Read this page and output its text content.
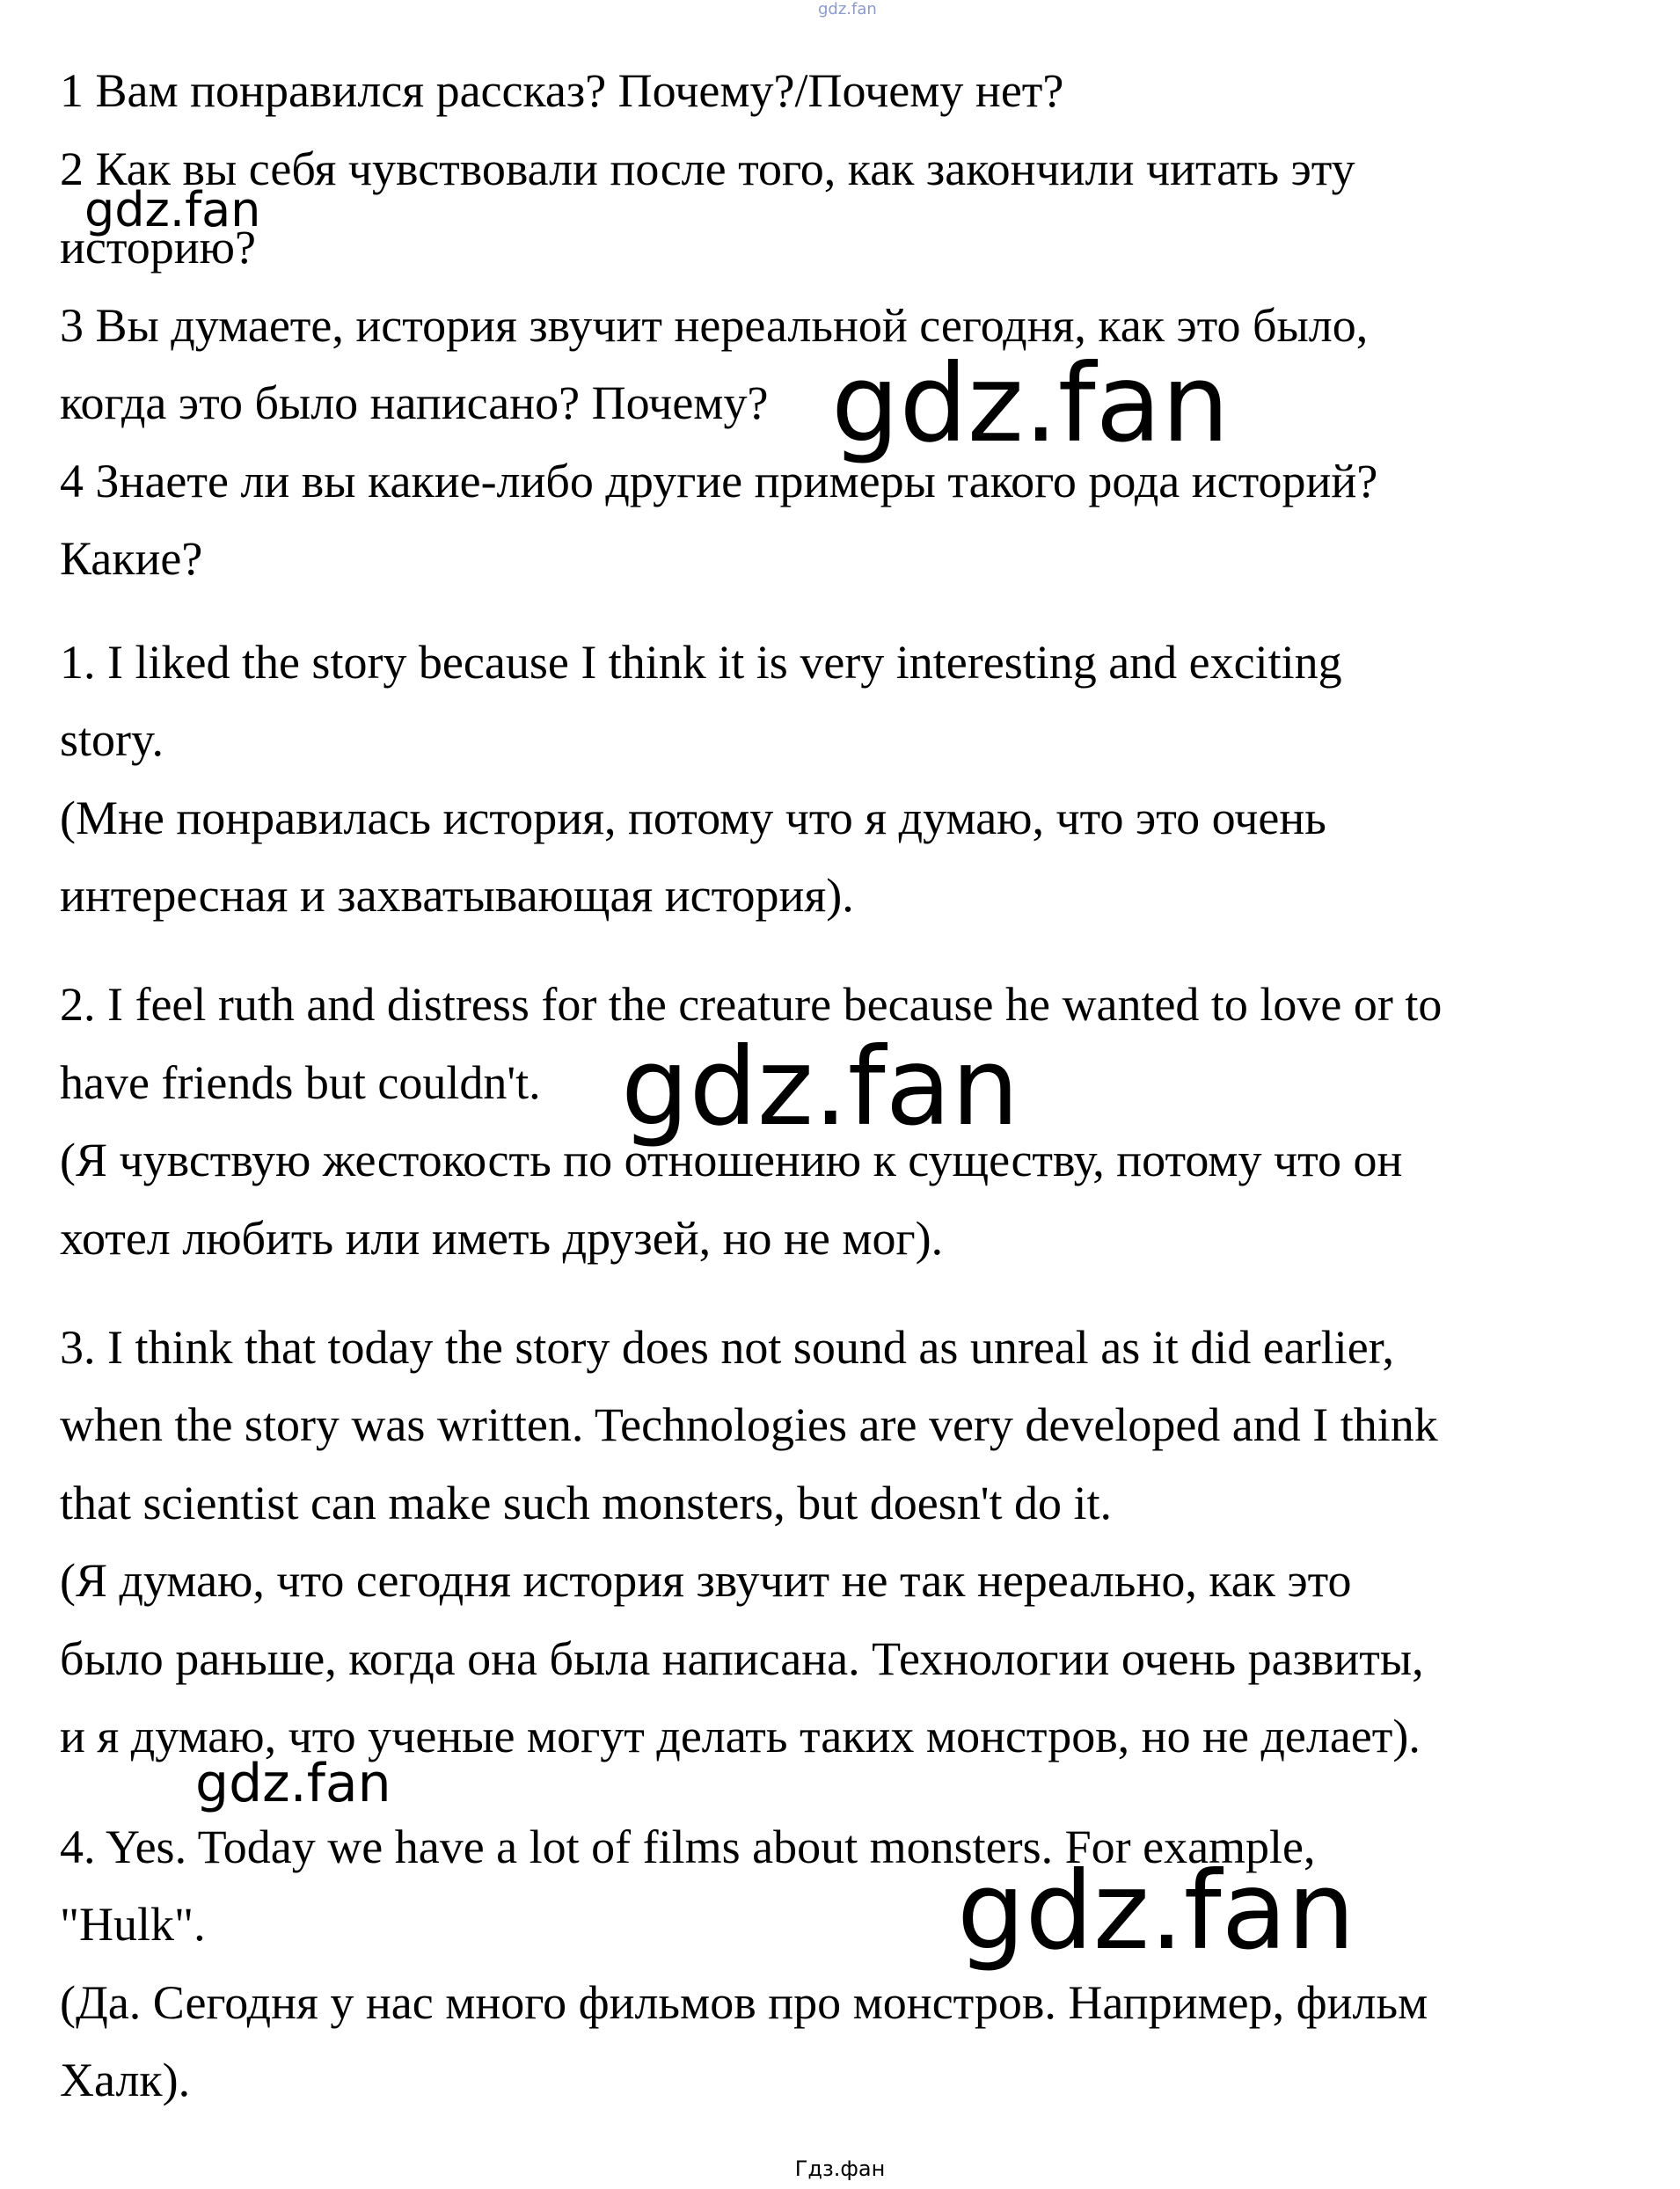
gdz.fan
1 Вам понравился рассказ? Почему?/Почему нет?
2 Как вы себя чувствовали после того, как закончили читать эту
историю?
3 Вы думаете, история звучит нереальной сегодня, как это было,
когда это было написано? Почему?
4 Знаете ли вы какие-либо другие примеры такого рода историй?
Какие?
1. I liked the story because I think it is very interesting and exciting
story.
(Мне понравилась история, потому что я думаю, что это очень
интересная и захватывающая история).
2. I feel ruth and distress for the creature because he wanted to love or to
have friends but couldn't.
(Я чувствую жестокость по отношению к существу, потому что он
хотел любить или иметь друзей, но не мог).
3. I think that today the story does not sound as unreal as it did earlier,
when the story was written. Technologies are very developed and I think
that scientist can make such monsters, but doesn't do it.
(Я думаю, что сегодня история звучит не так нереально, как это
было раньше, когда она была написана. Технологии очень развиты,
и я думаю, что ученые могут делать таких монстров, но не делает).
4. Yes. Today we have a lot of films about monsters. For example,
"Hulk".
(Да. Сегодня у нас много фильмов про монстров. Например, фильм
Халк).
gdz.fan
gdz.fan
gdz.fan
gdz.fan
gdz.fan
Гдз.фан
